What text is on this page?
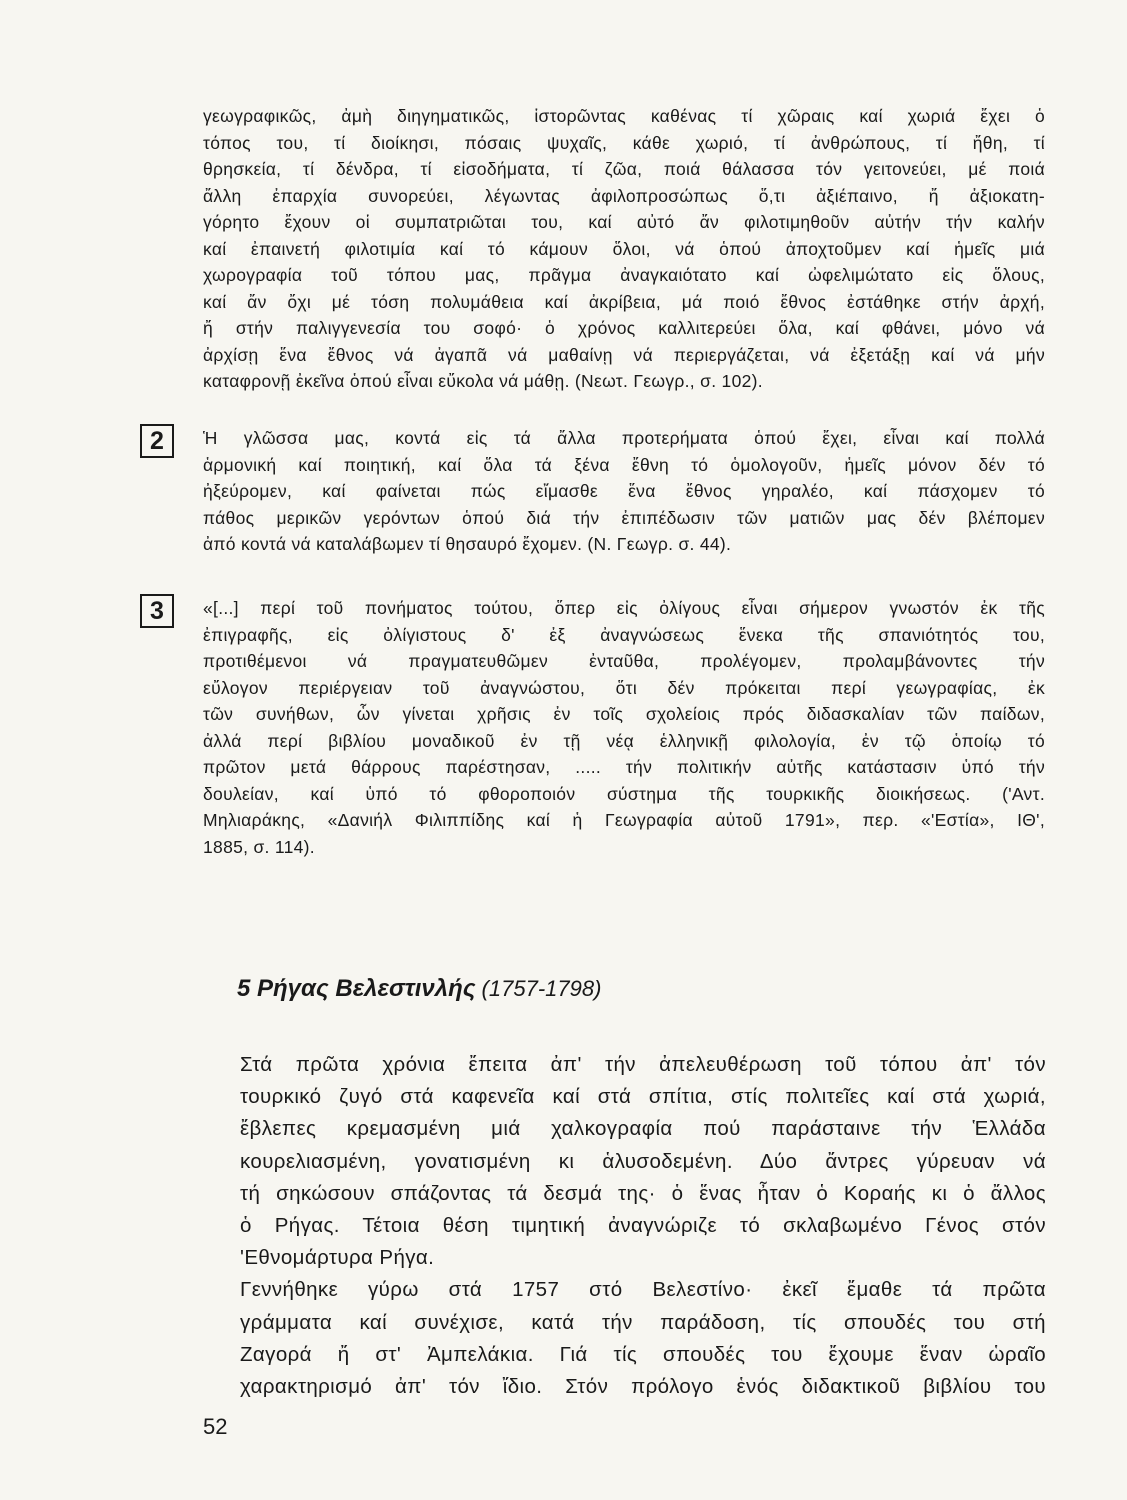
γεωγραφικῶς, ἀμὴ διηγηματικῶς, ἱστορῶντας καθένας τί χῶραις καί χωριά ἔχει ὁ
τόπος του, τί διοίκησι, πόσαις ψυχαῖς, κάθε χωριό, τί ἀνθρώπους, τί ἤθη, τί
θρησκεία, τί δένδρα, τί εἰσοδήματα, τί ζῶα, ποιά θάλασσα τόν γειτονεύει, μέ ποιά
ἄλλη ἐπαρχία συνορεύει, λέγωντας ἀφιλοπροσώπως ὅ,τι ἀξιέπαινο, ἤ ἀξιοκατη-
γόρητο ἔχουν οἱ συμπατριῶται του, καί αὐτό ἄν φιλοτιμηθοῦν αὐτήν τήν καλήν
καί ἐπαινετή φιλοτιμία καί τό κάμουν ὅλοι, νά ὁπού ἀποχτοῦμεν καί ἡμεῖς μιά
χωρογραφία τοῦ τόπου μας, πρᾶγμα ἀναγκαιότατο καί ὠφελιμώτατο εἰς ὅλους,
καί ἄν ὄχι μέ τόση πολυμάθεια καί ἀκρίβεια, μά ποιό ἔθνος ἐστάθηκε στήν ἀρχή,
ἤ στήν παλιγγενεσία του σοφό· ὁ χρόνος καλλιτερεύει ὅλα, καί φθάνει, μόνο νά
ἀρχίσῃ ἕνα ἔθνος νά ἀγαπᾶ νά μαθαίνῃ νά περιεργάζεται, νά ἐξετάξῃ καί νά μήν
καταφρονῇ ἐκεῖνα ὁπού εἶναι εὔκολα νά μάθῃ. (Νεωτ. Γεωγρ., σ. 102).
2	Ἡ γλῶσσα μας, κοντά εἰς τά ἄλλα προτερήματα ὁπού ἔχει, εἶναι καί πολλά
ἁρμονική καί ποιητική, καί ὅλα τά ξένα ἔθνη τό ὁμολογοῦν, ἡμεῖς μόνον δέν τό
ἠξεύρομεν, καί φαίνεται πώς εἴμασθε ἕνα ἔθνος γηραλέο, καί πάσχομεν τό
πάθος μερικῶν γερόντων ὁπού διά τήν ἐπιπέδωσιν τῶν ματιῶν μας δέν βλέπομεν
ἀπό κοντά νά καταλάβωμεν τί θησαυρό ἔχομεν. (Ν. Γεωγρ. σ. 44).
3	«[...] περί τοῦ πονήματος τούτου, ὅπερ εἰς ὀλίγους εἶναι σήμερον γνωστόν ἐκ τῆς
ἐπιγραφῆς, εἰς ὀλίγιστους δ' ἐξ ἀναγνώσεως ἕνεκα τῆς σπανιότητός του,
προτιθέμενοι νά πραγματευθῶμεν ἐνταῦθα, προλέγομεν, προλαμβάνοντες τήν
εὔλογον περιέργειαν τοῦ ἀναγνώστου, ὅτι δέν πρόκειται περί γεωγραφίας, ἐκ
τῶν συνήθων, ὧν γίνεται χρῆσις ἐν τοῖς σχολείοις πρός διδασκαλίαν τῶν παίδων,
ἀλλά περί βιβλίου μοναδικοῦ ἐν τῇ νέᾳ ἑλληνικῇ φιλολογία, ἐν τῷ ὁποίῳ τό
πρῶτον μετά θάρρους παρέστησαν, ..... τήν πολιτικήν αὐτῆς κατάστασιν ὑπό τήν
δουλείαν, καί ὑπό τό φθοροποιόν σύστημα τῆς τουρκικῆς διοικήσεως. ('Αντ.
Μηλιαράκης, «Δανιήλ Φιλιππίδης καί ἡ Γεωγραφία αὐτοῦ 1791», περ. «'Εστία», ΙΘ',
1885, σ. 114).
5 Ρήγας Βελεστινλής (1757-1798)
Στά πρῶτα χρόνια ἔπειτα ἀπ' τήν ἀπελευθέρωση τοῦ τόπου ἀπ' τόν
τουρκικό ζυγό στά καφενεῖα καί στά σπίτια, στίς πολιτεῖες καί στά χωριά,
ἔβλεπες κρεμασμένη μιά χαλκογραφία πού παράσταινε τήν Ἑλλάδα
κουρελιασμένη, γονατισμένη κι ἁλυσοδεμένη. Δύο ἄντρες γύρευαν νά
τή σηκώσουν σπάζοντας τά δεσμά της· ὁ ἕνας ἦταν ὁ Κοραής κι ὁ ἄλλος
ὁ Ρήγας. Τέτοια θέση τιμητική ἀναγνώριζε τό σκλαβωμένο Γένος στόν
'Εθνομάρτυρα Ρήγα.
Γεννήθηκε γύρω στά 1757 στό Βελεστίνο· ἐκεῖ ἔμαθε τά πρῶτα
γράμματα καί συνέχισε, κατά τήν παράδοση, τίς σπουδές του στή
Ζαγορά ἤ στ' Ἀμπελάκια. Γιά τίς σπουδές του ἔχουμε ἕναν ὡραῖο
χαρακτηρισμό ἀπ' τόν ἴδιο. Στόν πρόλογο ἑνός διδακτικοῦ βιβλίου του
52
